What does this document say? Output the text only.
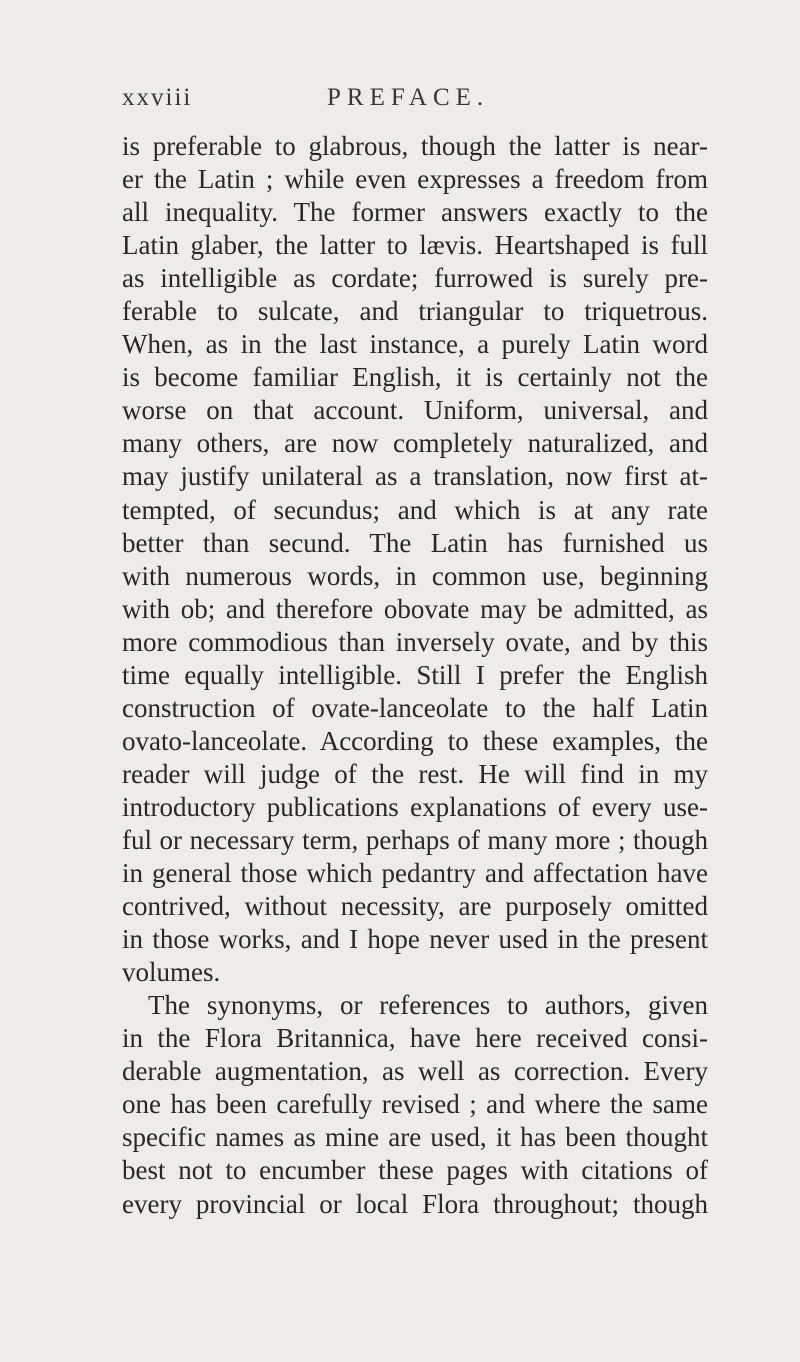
xxviii	PREFACE.
is preferable to glabrous, though the latter is near-
er the Latin ; while even expresses a freedom from
all inequality. The former answers exactly to the
Latin glaber, the latter to lævis. Heartshaped is full
as intelligible as cordate; furrowed is surely pre-
ferable to sulcate, and triangular to triquetrous.
When, as in the last instance, a purely Latin word
is become familiar English, it is certainly not the
worse on that account. Uniform, universal, and
many others, are now completely naturalized, and
may justify unilateral as a translation, now first at-
tempted, of secundus; and which is at any rate
better than secund. The Latin has furnished us
with numerous words, in common use, beginning
with ob; and therefore obovate may be admitted, as
more commodious than inversely ovate, and by this
time equally intelligible. Still I prefer the English
construction of ovate-lanceolate to the half Latin
ovato-lanceolate. According to these examples, the
reader will judge of the rest. He will find in my
introductory publications explanations of every use-
ful or necessary term, perhaps of many more ; though
in general those which pedantry and affectation have
contrived, without necessity, are purposely omitted
in those works, and I hope never used in the present
volumes.
The synonyms, or references to authors, given
in the Flora Britannica, have here received consi-
derable augmentation, as well as correction. Every
one has been carefully revised ; and where the same
specific names as mine are used, it has been thought
best not to encumber these pages with citations of
every provincial or local Flora throughout; though
